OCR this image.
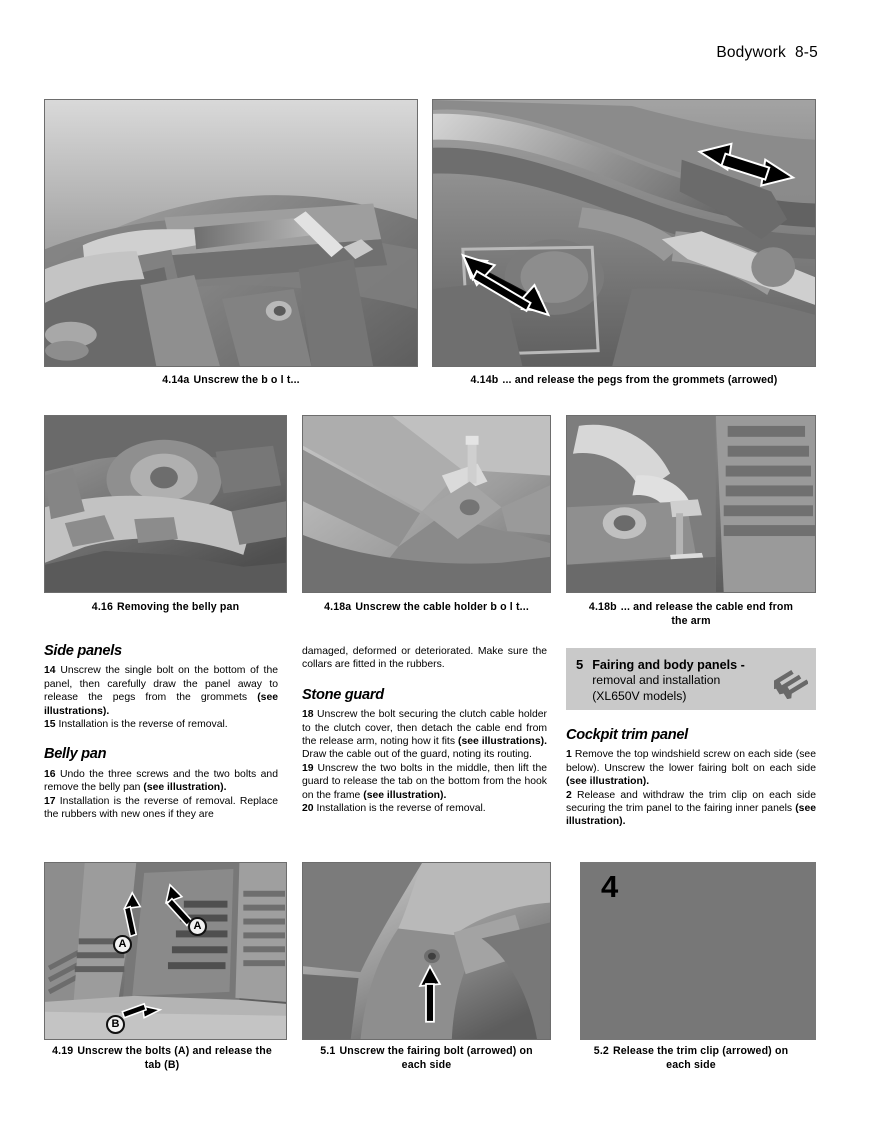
Bodywork 8-5
4.14a Unscrew the b o l t...	4.14b ... and release the pegs from the grommets (arrowed)
4.16 Removing the belly pan	4.18a Unscrew the cable holder b o l t...	4.18b ... and release the cable end from
the arm
Side panels

14 Unscrew the single bolt on the bottom of the panel, then carefully draw the panel away to release the pegs from the grommets (see illustrations).

15 Installation is the reverse of removal.

Belly pan

16 Undo the three screws and the two bolts and remove the belly pan (see illustration).

17 Installation is the reverse of removal. Replace the rubbers with new ones if they are

damaged, deformed or deteriorated. Make sure the collars are fitted in the rubbers.

Stone guard

18 Unscrew the bolt securing the clutch cable holder to the clutch cover, then detach the cable end from the release arm, noting how it fits (see illustrations). Draw the cable out of the guard, noting its routing.

19 Unscrew the two bolts in the middle, then lift the guard to release the tab on the bottom from the hook on the frame (see illustration).

20 Installation is the reverse of removal.

5 Fairing and body panels -
removal and installation
(XL650V models)
Cockpit trim panel

1 Remove the top windshield screw on each side (see below). Unscrew the lower fairing bolt on each side (see illustration).

2 Release and withdraw the trim clip on each side securing the trim panel to the fairing inner panels (see illustration).

A
A
B
4
4.19 Unscrew the bolts (A) and release the
tab (B)
5.1 Unscrew the fairing bolt (arrowed) on
each side
5.2 Release the trim clip (arrowed) on
each side
